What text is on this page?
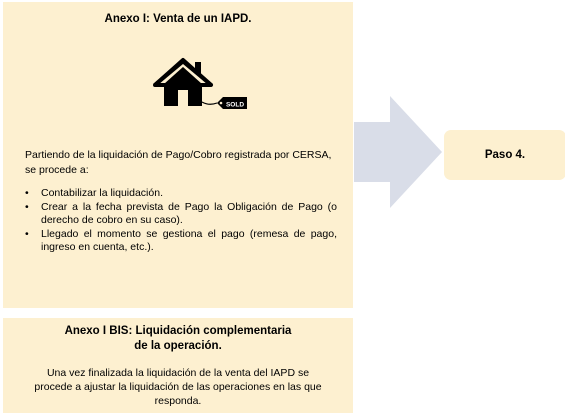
Anexo I: Venta de un IAPD.
SOLD
Partiendo de la liquidación de Pago/Cobro registrada por CERSA, se procede a:
• Contabilizar la liquidación.
• Crear a la fecha prevista de Pago la Obligación de Pago (o derecho de cobro en su caso).
• Llegado el momento se gestiona el pago (remesa de pago, ingreso en cuenta, etc.).
Paso 4.
Anexo I BIS: Liquidación complementaria de la operación.
Una vez finalizada la liquidación de la venta del IAPD se procede a ajustar la liquidación de las operaciones en las que responda.
